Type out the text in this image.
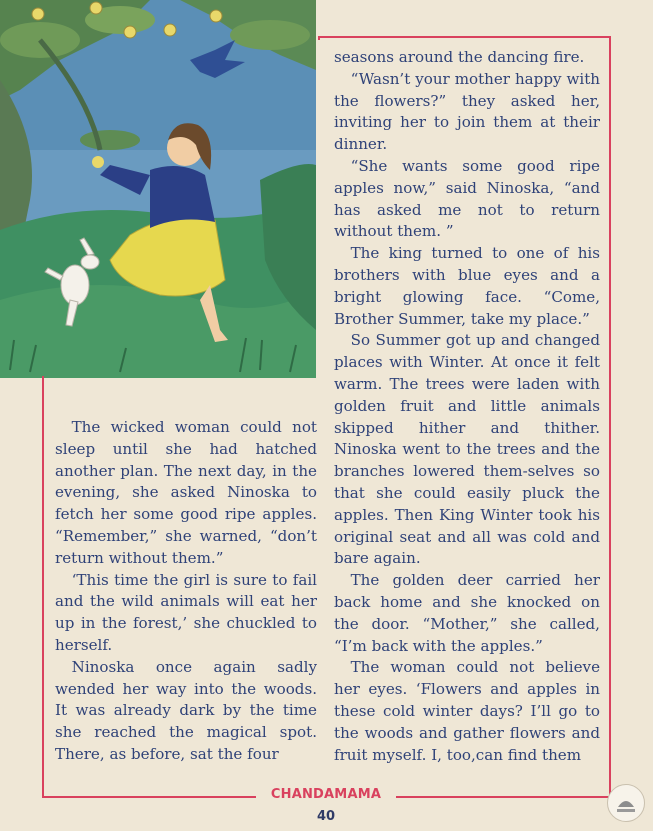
seasons around the dancing fire.

“Wasn’t your mother happy with the flowers?” they asked her, inviting her to join them at their dinner.

“She wants some good ripe apples now,” said Ninoska, “and has asked me not to return without them. ”

The king turned to one of his brothers with blue eyes and a bright glowing face. “Come, Brother Summer, take my place.”

So Summer got up and changed places with Winter. At once it felt warm. The trees were laden with golden fruit and little animals skipped hither and thither. Ninoska went to the trees and the branches lowered them-selves so that she could easily pluck the apples. Then King Winter took his original seat and all was cold and bare again.

The golden deer carried her back home and she knocked on the door. “Mother,” she called, “I’m back with the apples.”

The woman could not believe her eyes. ‘Flowers and apples in these cold winter days? I’ll go to the woods and gather flowers and fruit myself. I, too,can find them

The wicked woman could not sleep until she had hatched another plan. The next day, in the evening, she asked Ninoska to fetch her some good ripe apples. “Remember,” she warned, “don’t return without them.”

‘This time the girl is sure to fail and the wild animals will eat her up in the forest,’ she chuckled to herself.

Ninoska once again sadly wended her way into the woods. It was already dark by the time she reached the magical spot. There, as before, sat the four

CHANDAMAMA
40
